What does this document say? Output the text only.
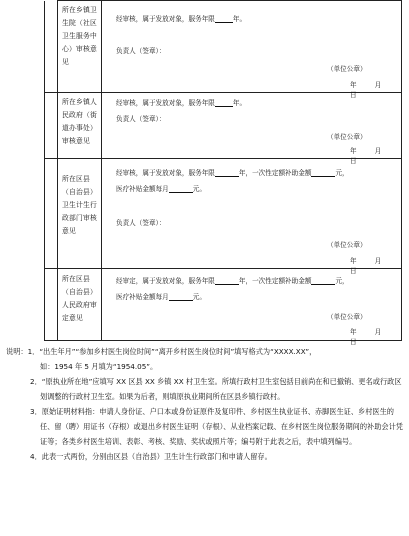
	所在乡镇卫生院（社区卫生服务中心）审核意见	经审核，属于发放对象，服务年限 年。
负责人（签章）：
（单位公章）
年 月日

	所在乡镇人民政府（街道办事处）审核意见	经审核，属于发放对象，服务年限 年。
负责人（签章）：
（单位公章）
年 月日

	所在区县（自治县）卫生计生行政部门审核意见	经审核，属于发放对象，服务年限 年，一次性定额补助金额 元，
医疗补贴金额每月 元。
负责人（签章）：
（单位公章）
年 月日

	所在区县（自治县）人民政府审定意见	经审定，属于发放对象，服务年限 年，一次性定额补助金额 元，
医疗补贴金额每月 元。
（单位公章）
年 月日

说明：1．“出生年月”“参加乡村医生岗位时间”“离开乡村医生岗位时间”填写格式为“XXXX.XX”，

如：1954 年 5 月填为“1954.05”。

2．“原执业所在地”应填写 XX 区县 XX 乡镇 XX 村卫生室。所填行政村卫生室包括目前尚在和已撤销、更名或行政区划调整的行政村卫生室。如果为后者，则填原执业期间所在区县乡镇行政村。

3．原始证明材料指：申请人身份证、户口本或身份证原件及复印件、乡村医生执业证书、赤脚医生证、乡村医生的任、留（聘）用证书（存根）或退出乡村医生证明（存根）、从业档案记载、在乡村医生岗位服务期间的补助会计凭证等；各类乡村医生培训、表彰、考核、奖励、奖状或照片等；编号附于此表之后，表中填列编号。

4．此表一式两份，分别由区县（自治县）卫生计生行政部门和申请人留存。
